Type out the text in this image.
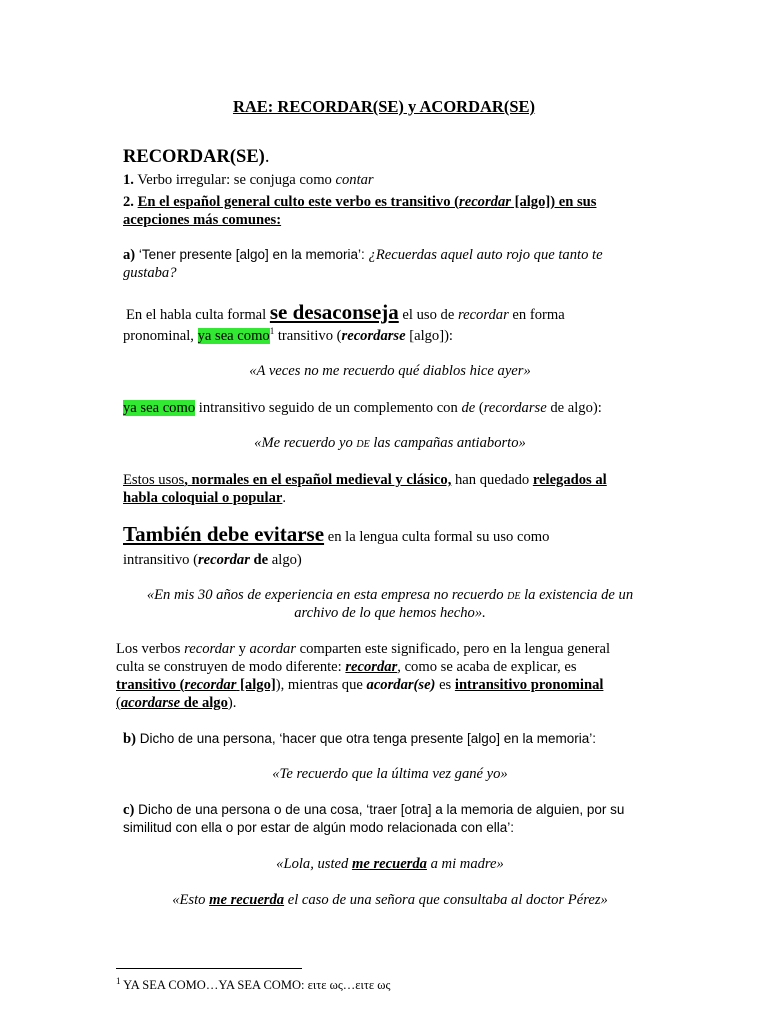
RAE: RECORDAR(SE) y ACORDAR(SE)
RECORDAR(SE).
1. Verbo irregular: se conjuga como contar
2. En el español general culto este verbo es transitivo (recordar [algo]) en sus acepciones más comunes:
a) ‘Tener presente [algo] en la memoria’: ¿Recuerdas aquel auto rojo que tanto te
gustaba?
En el habla culta formal se desaconseja el uso de recordar en forma
pronominal, ya sea como$^1$ transitivo (recordarse [algo]):
«A veces no me recuerdo qué diablos hice ayer»
ya sea como intransitivo seguido de un complemento con de (recordarse de algo):
«Me recuerdo yo de las campañas antiaborto»
Estos usos, normales en el español medieval y clásico, han quedado relegados al
habla coloquial o popular.
También debe evitarse en la lengua culta formal su uso como
intransitivo (recordar de algo)
«En mis 30 años de experiencia en esta empresa no recuerdo de la existencia de un
archivo de lo que hemos hecho».
Los verbos recordar y acordar comparten este significado, pero en la lengua general
culta se construyen de modo diferente: recordar, como se acaba de explicar, es
transitivo (recordar [algo]), mientras que acordar(se) es intransitivo pronominal
(acordarse de algo).
b) Dicho de una persona, ‘hacer que otra tenga presente [algo] en la memoria’:
«Te recuerdo que la última vez gané yo»
c) Dicho de una persona o de una cosa, ‘traer [otra] a la memoria de alguien, por su
similitud con ella o por estar de algún modo relacionada con ella’:
«Lola, usted me recuerda a mi madre»
«Esto me recuerda el caso de una señora que consultaba al doctor Pérez»
$^1$ YA SEA COMO…YA SEA COMO: ειτε ως…ειτε ως
